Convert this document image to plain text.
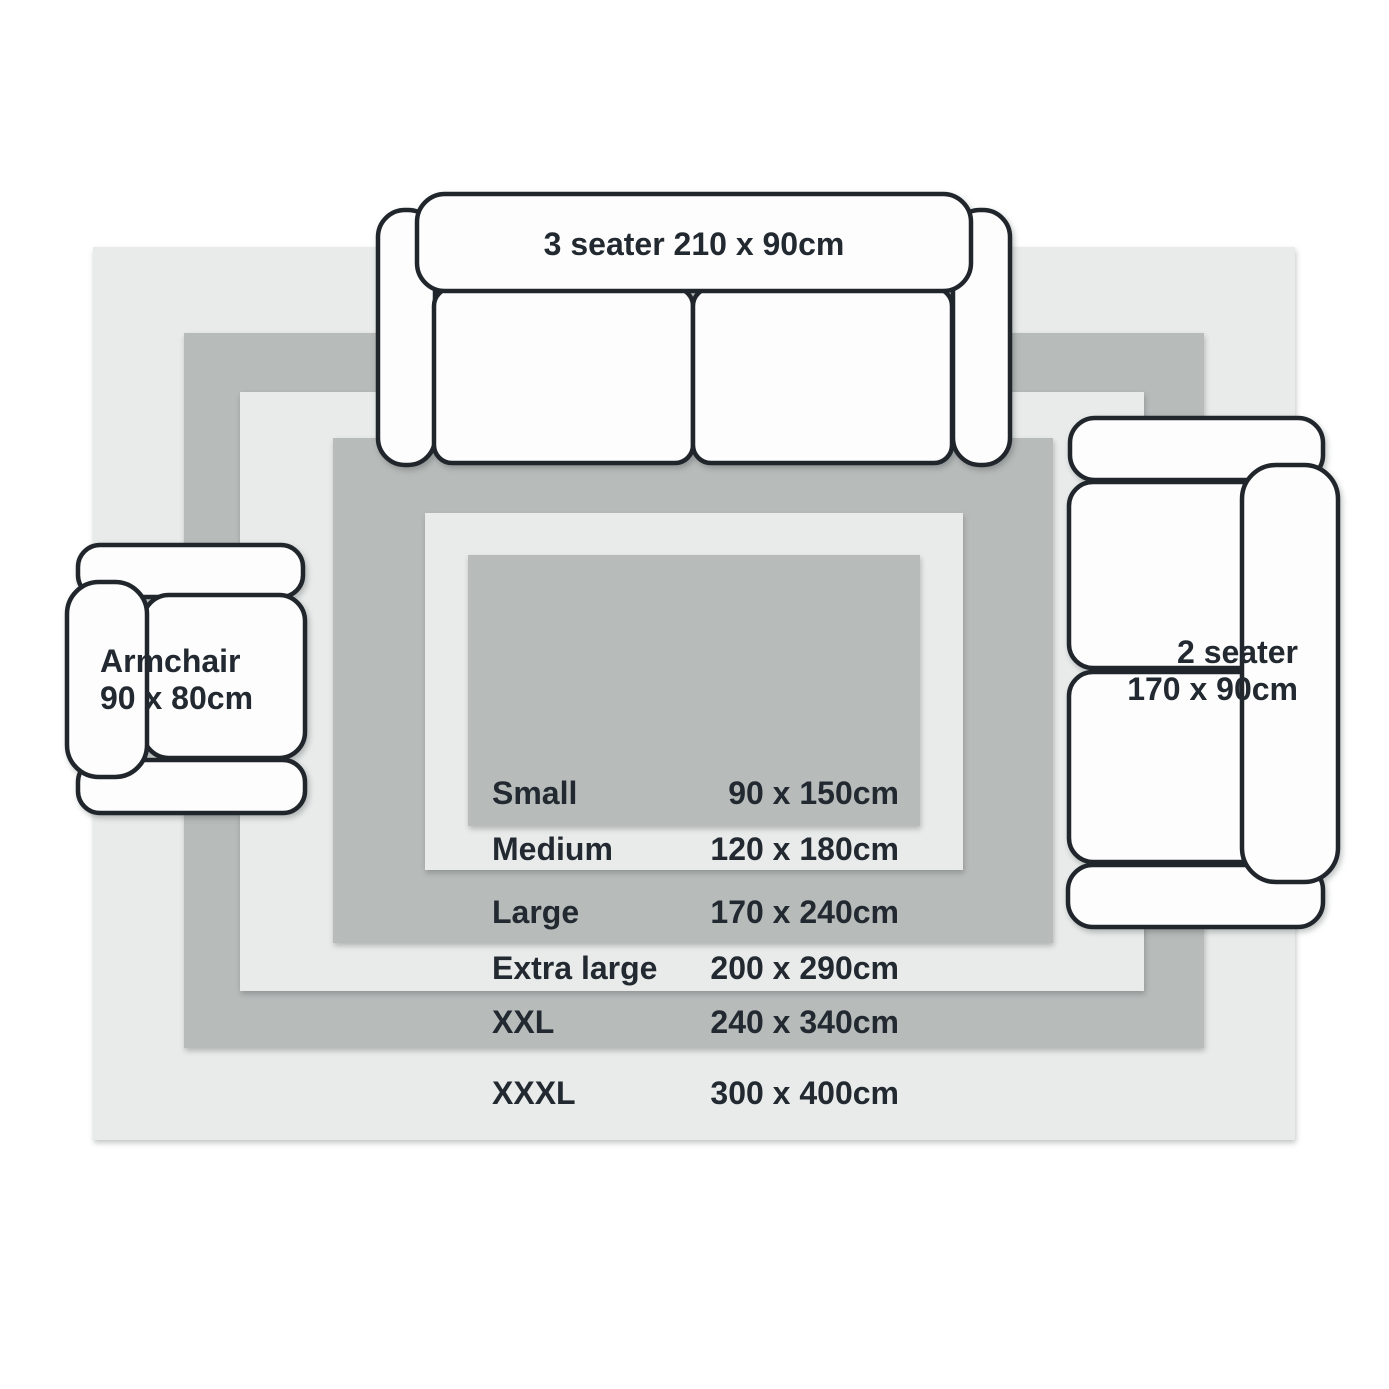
3 seater 210 x 90cm
2 seater
170 x 90cm
Armchair
90 x 80cm
Small	90 x 150cm
Medium	120 x 180cm
Large	170 x 240cm
Extra large 200 x 290cm
XXL	240 x 340cm
XXXL	300 x 400cm
